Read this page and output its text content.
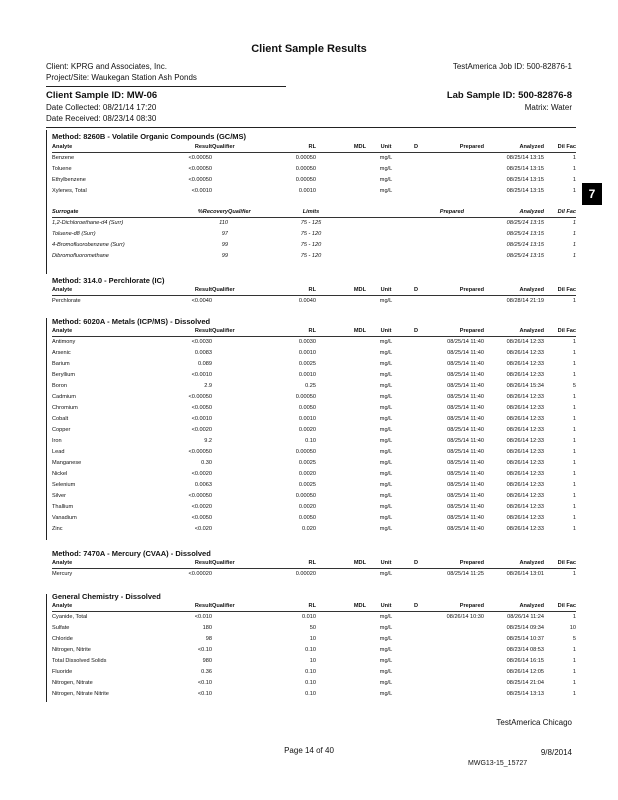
Client Sample Results
Client: KPRG and Associates, Inc.	TestAmerica Job ID: 500-82876-1
Project/Site: Waukegan Station Ash Ponds
Client Sample ID: MW-06	Lab Sample ID: 500-82876-8
Date Collected: 08/21/14 17:20	Matrix: Water
Date Received: 08/23/14 08:30
7
Method: 8260B - Volatile Organic Compounds (GC/MS)
Analyte	Result	Qualifier	RL	MDL	Unit	D	Prepared	Analyzed	Dil Fac
Benzene	<0.00050		0.00050		mg/L			08/25/14 13:15	1
Toluene	<0.00050		0.00050		mg/L			08/25/14 13:15	1
Ethylbenzene	<0.00050		0.00050		mg/L			08/25/14 13:15	1
Xylenes, Total	<0.0010		0.0010		mg/L			08/25/14 13:15	1
Surrogate	%Recovery	Qualifier	Limits	Prepared	Analyzed	Dil Fac
1,2-Dichloroethane-d4 (Surr)	110		75 - 125		08/25/14 13:15	1
Toluene-d8 (Surr)	97		75 - 120		08/25/14 13:15	1
4-Bromofluorobenzene (Surr)	99		75 - 120		08/25/14 13:15	1
Dibromofluoromethane	99		75 - 120		08/25/14 13:15	1
Method: 314.0 - Perchlorate (IC)
Analyte	Result	Qualifier	RL	MDL	Unit	D	Prepared	Analyzed	Dil Fac
Perchlorate	<0.0040		0.0040		mg/L			08/28/14 21:19	1
Method: 6020A - Metals (ICP/MS) - Dissolved
Analyte	Result	Qualifier	RL	MDL	Unit	D	Prepared	Analyzed	Dil Fac
Antimony	<0.0030		0.0030		mg/L		08/25/14 11:40	08/26/14 12:33	1
Arsenic	0.0083		0.0010		mg/L		08/25/14 11:40	08/26/14 12:33	1
Barium	0.089		0.0025		mg/L		08/25/14 11:40	08/26/14 12:33	1
Beryllium	<0.0010		0.0010		mg/L		08/25/14 11:40	08/26/14 12:33	1
Boron	2.9		0.25		mg/L		08/25/14 11:40	08/26/14 15:34	5
Cadmium	<0.00050		0.00050		mg/L		08/25/14 11:40	08/26/14 12:33	1
Chromium	<0.0050		0.0050		mg/L		08/25/14 11:40	08/26/14 12:33	1
Cobalt	<0.0010		0.0010		mg/L		08/25/14 11:40	08/26/14 12:33	1
Copper	<0.0020		0.0020		mg/L		08/25/14 11:40	08/26/14 12:33	1
Iron	9.2		0.10		mg/L		08/25/14 11:40	08/26/14 12:33	1
Lead	<0.00050		0.00050		mg/L		08/25/14 11:40	08/26/14 12:33	1
Manganese	0.30		0.0025		mg/L		08/25/14 11:40	08/26/14 12:33	1
Nickel	<0.0020		0.0020		mg/L		08/25/14 11:40	08/26/14 12:33	1
Selenium	0.0063		0.0025		mg/L		08/25/14 11:40	08/26/14 12:33	1
Silver	<0.00050		0.00050		mg/L		08/25/14 11:40	08/26/14 12:33	1
Thallium	<0.0020		0.0020		mg/L		08/25/14 11:40	08/26/14 12:33	1
Vanadium	<0.0050		0.0050		mg/L		08/25/14 11:40	08/26/14 12:33	1
Zinc	<0.020		0.020		mg/L		08/25/14 11:40	08/26/14 12:33	1
Method: 7470A - Mercury (CVAA) - Dissolved
Analyte	Result	Qualifier	RL	MDL	Unit	D	Prepared	Analyzed	Dil Fac
Mercury	<0.00020		0.00020		mg/L		08/25/14 11:25	08/26/14 13:01	1
General Chemistry - Dissolved
Analyte	Result	Qualifier	RL	MDL	Unit	D	Prepared	Analyzed	Dil Fac
Cyanide, Total	<0.010		0.010		mg/L		08/26/14 10:30	08/26/14 11:24	1
Sulfate	180		50		mg/L			08/25/14 09:34	10
Chloride	98		10		mg/L			08/25/14 10:37	5
Nitrogen, Nitrite	<0.10		0.10		mg/L			08/23/14 08:53	1
Total Dissolved Solids	980		10		mg/L			08/26/14 16:15	1
Fluoride	0.36		0.10		mg/L			08/26/14 12:05	1
Nitrogen, Nitrate	<0.10		0.10		mg/L			08/25/14 21:04	1
Nitrogen, Nitrate Nitrite	<0.10		0.10		mg/L			08/25/14 13:13	1
TestAmerica Chicago
Page 14 of 40	9/8/2014
MWG13-15_15727
